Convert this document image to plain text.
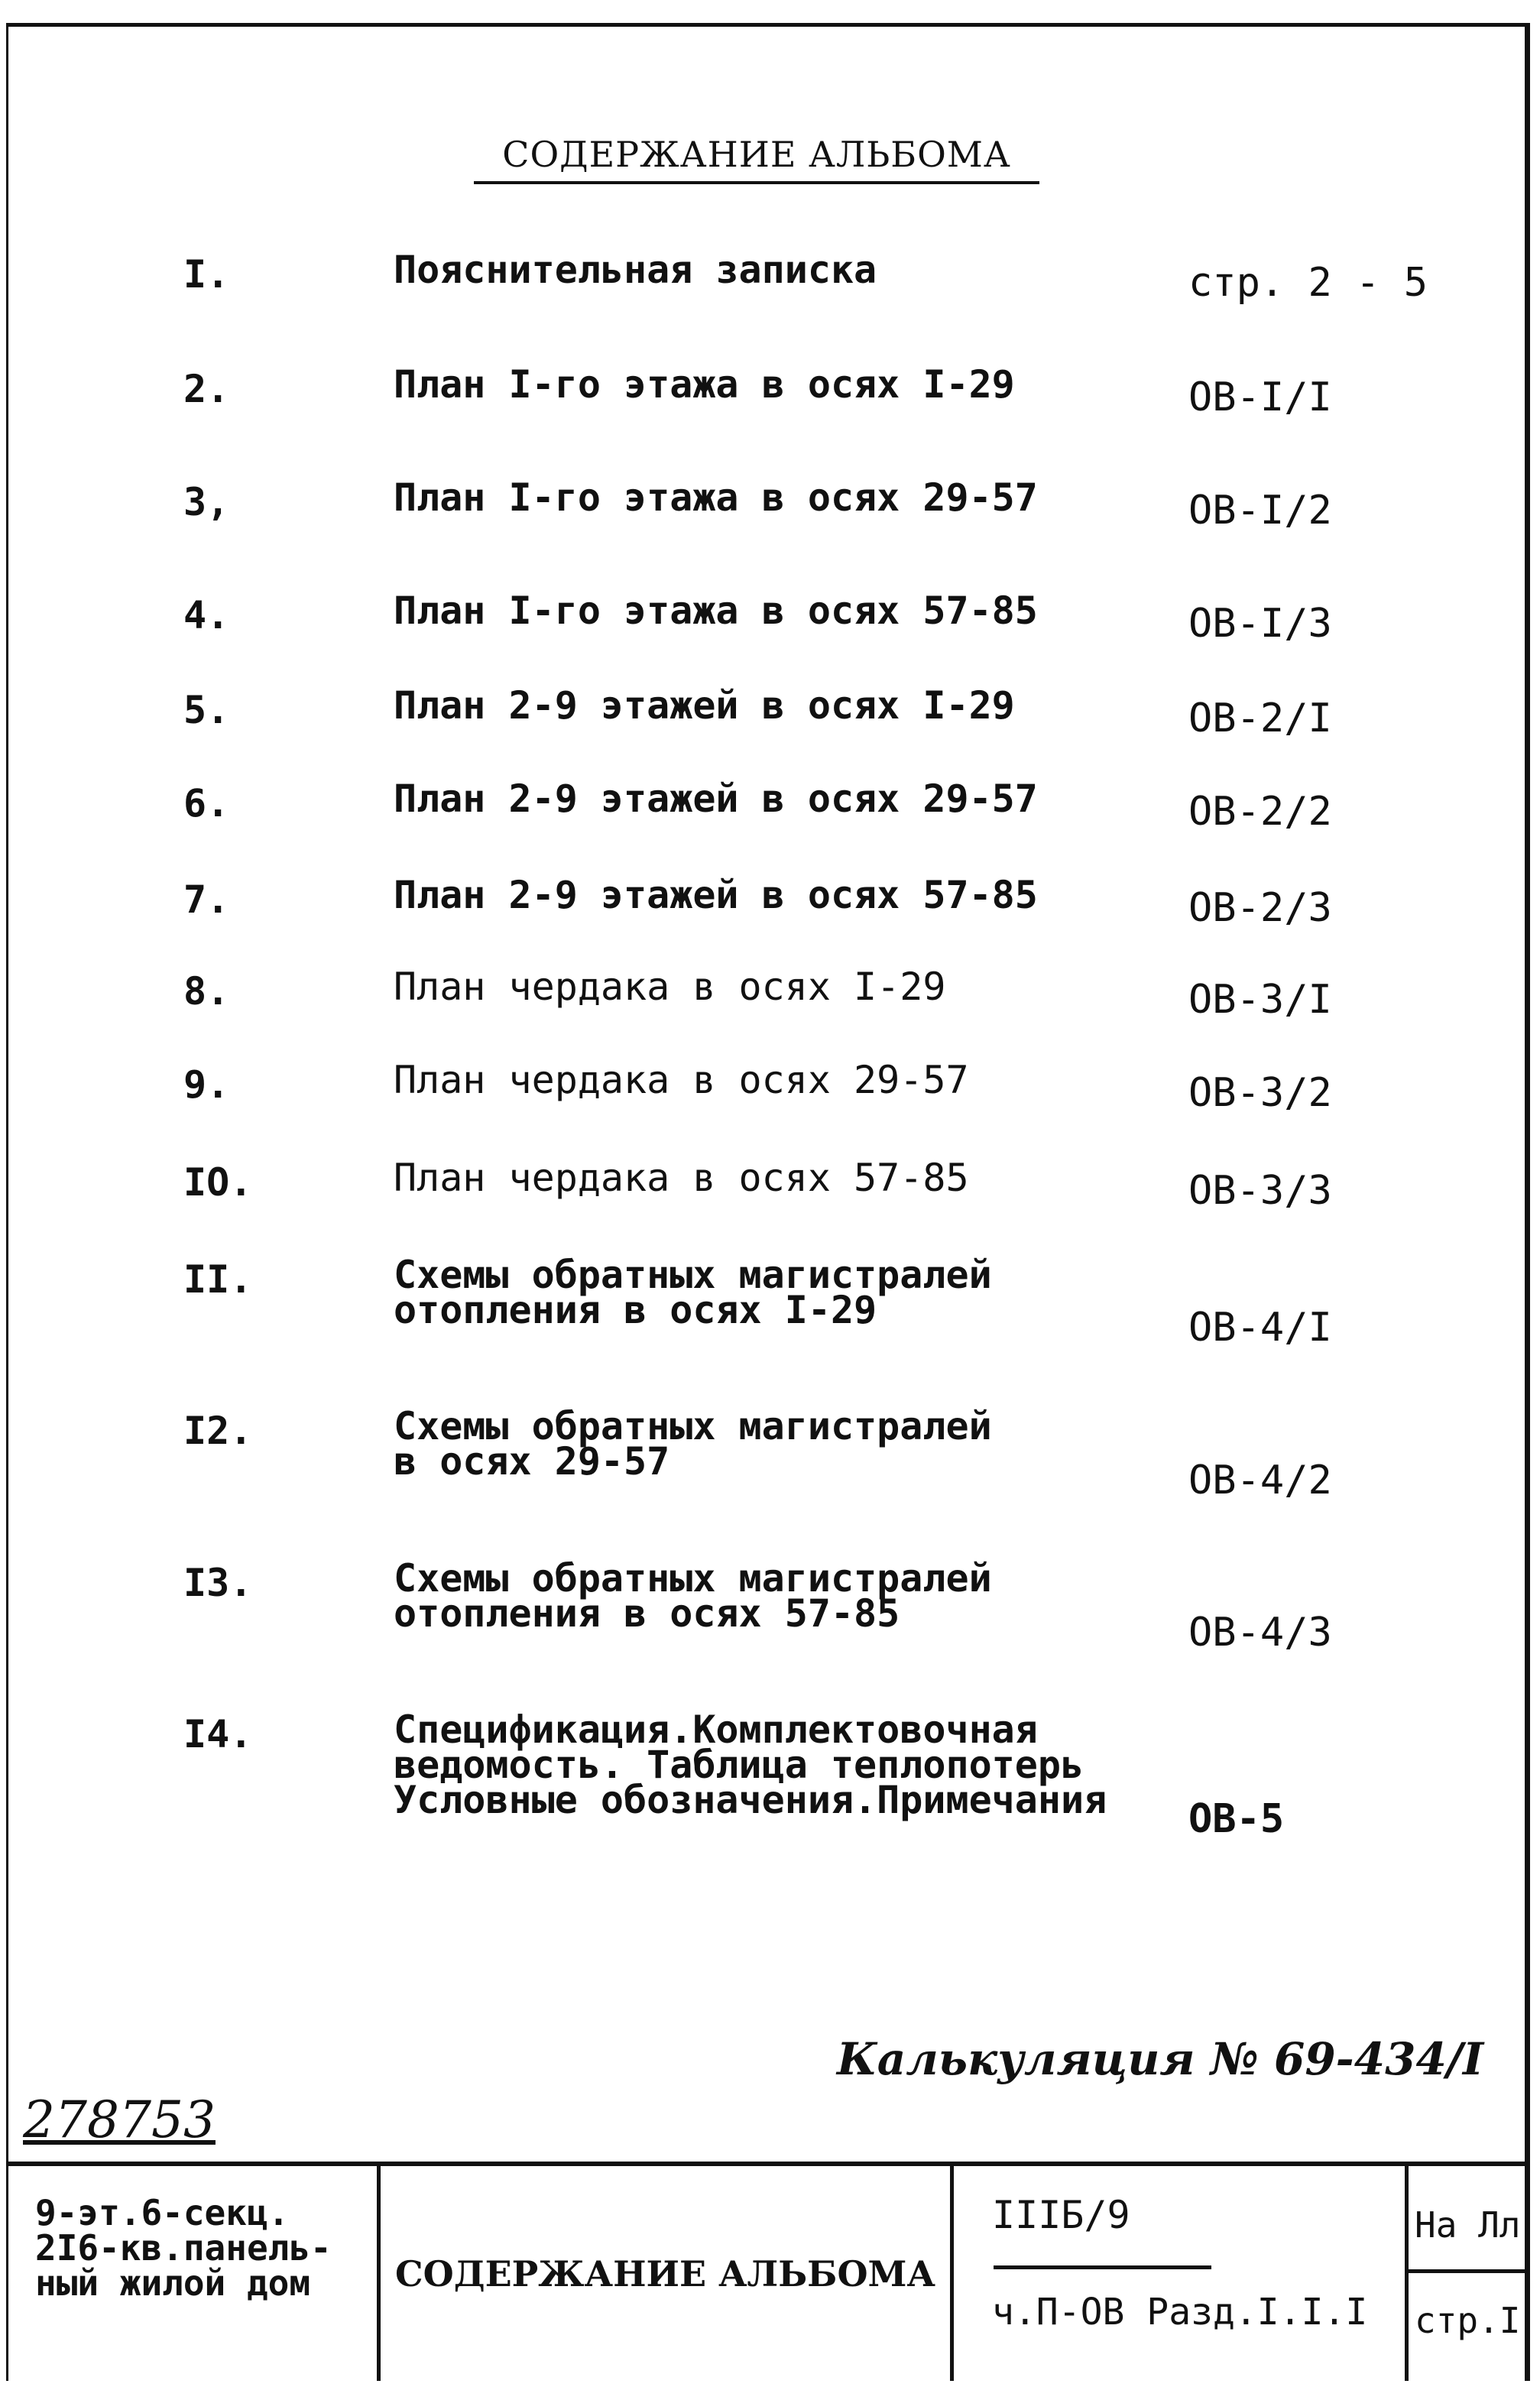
СОДЕРЖАНИЕ АЛЬБОМА
I.	Пояснительная записка	стр. 2 - 5
2.	План I-го этажа в осях I-29	ОВ-I/I
3,	План I-го этажа в осях 29-57	ОВ-I/2
4.	План I-го этажа в осях 57-85	ОВ-I/3
5.	План 2-9 этажей в осях I-29	ОВ-2/I
6.	План 2-9 этажей в осях 29-57	ОВ-2/2
7.	План 2-9 этажей в осях 57-85	ОВ-2/3
8.	План чердака в осях I-29	ОВ-3/I
9.	План чердака в осях 29-57	ОВ-3/2
IO.	План чердака в осях 57-85	ОВ-3/3
II.	Схемы обратных магистралей
отопления в осях I-29	ОВ-4/I
I2.	Схемы обратных магистралей
в осях 29-57	ОВ-4/2
I3.	Схемы обратных магистралей
отопления в осях 57-85	ОВ-4/3
I4.	Спецификация.Комплектовочная
ведомость. Таблица теплопотерь
Условные обозначения.Примечания ОВ-5
Калькуляция № 69-434/I
278753
9-эт.6-секц.
2I6-кв.панель-
ный жилой дом	СОДЕРЖАНИЕ АЛЬБОМА
IIIБ/9
ч.П-ОВ Разд.I.I.I
На Лл
стр.I
